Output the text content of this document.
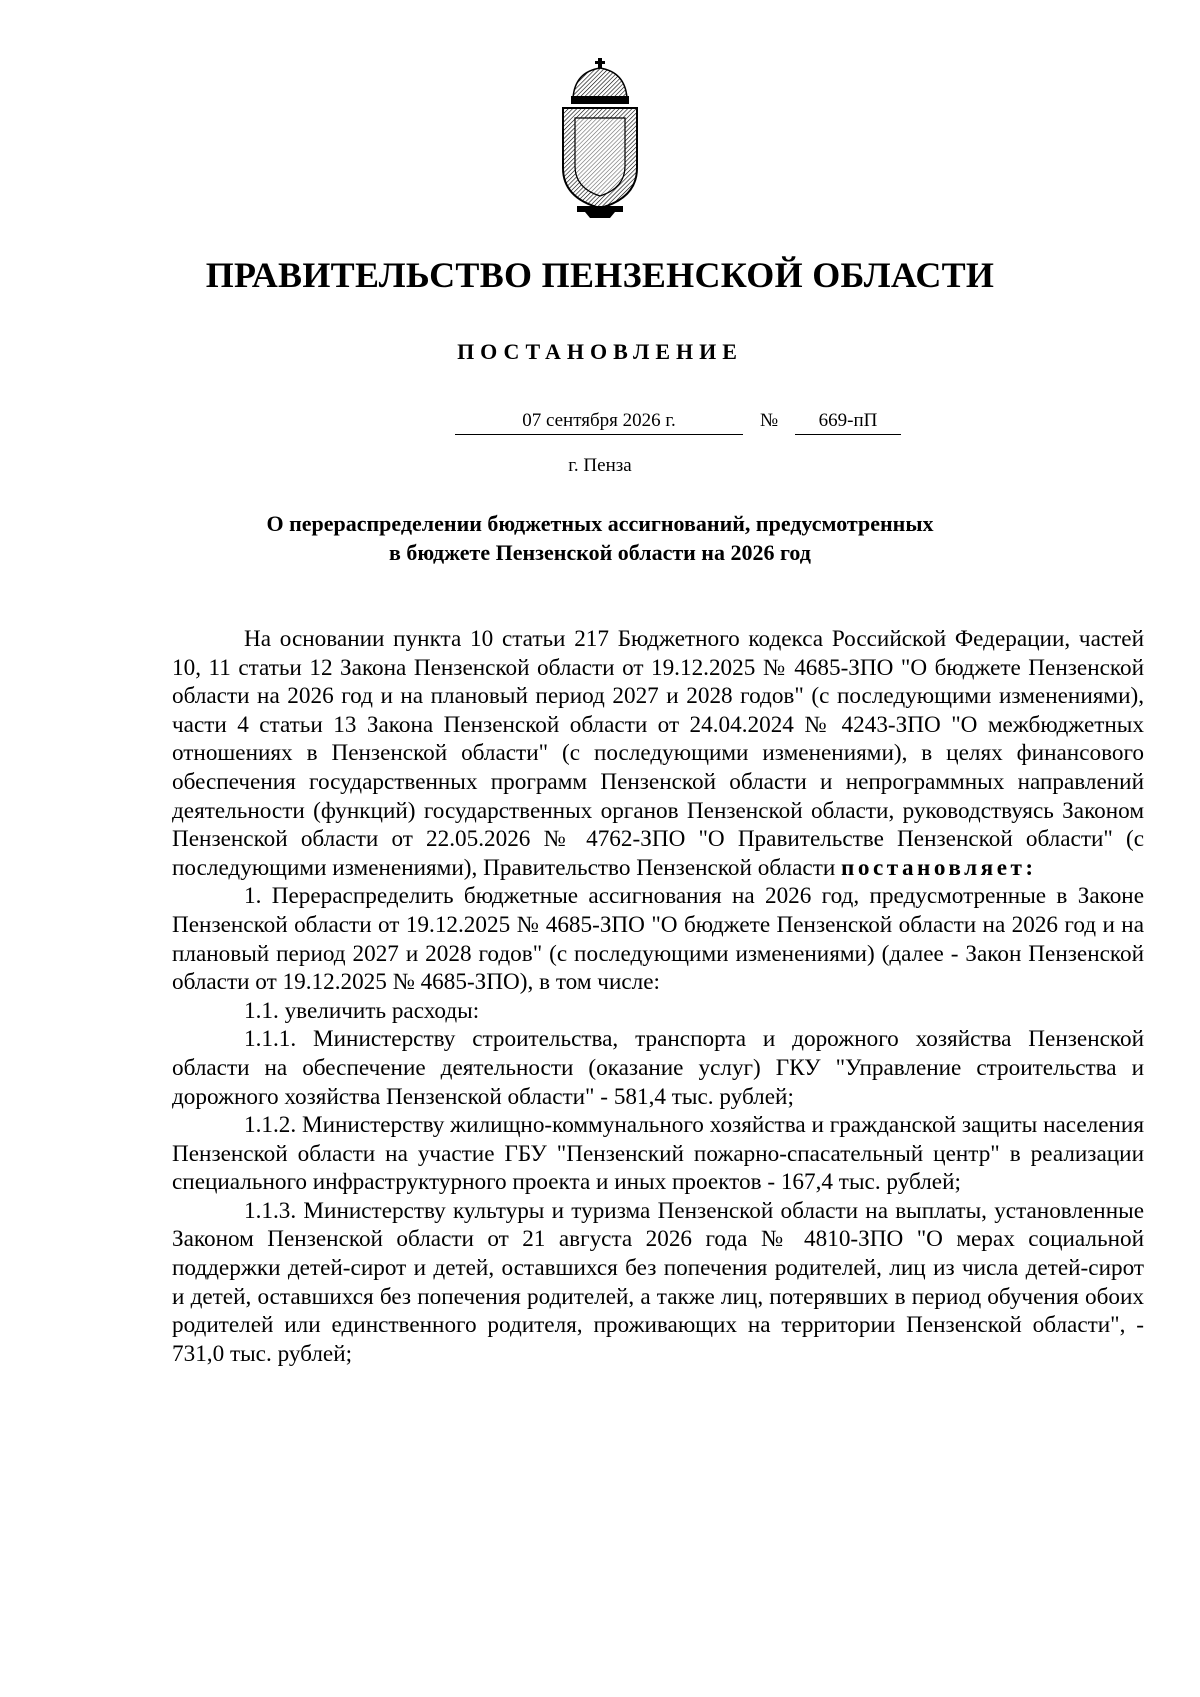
ПРАВИТЕЛЬСТВО ПЕНЗЕНСКОЙ ОБЛАСТИ
ПОСТАНОВЛЕНИЕ
07 сентября 2026 г.	№	669-пП
г. Пенза
О перераспределении бюджетных ассигнований, предусмотренных
в бюджете Пензенской области на 2026 год

На основании пункта 10 статьи 217 Бюджетного кодекса Российской Федерации, частей 10, 11 статьи 12 Закона Пензенской области от 19.12.2025 № 4685-ЗПО "О бюджете Пензенской области на 2026 год и на плановый период 2027 и 2028 годов" (с последующими изменениями), части 4 статьи 13 Закона Пензенской области от 24.04.2024 № 4243-ЗПО "О межбюджетных отношениях в Пензенской области" (с последующими изменениями), в целях финансового обеспечения государственных программ Пензенской области и непрограммных направлений деятельности (функций) государственных органов Пензенской области, руководствуясь Законом Пензенской области от 22.05.2026 № 4762-ЗПО "О Правительстве Пензенской области" (с последующими изменениями), Правительство Пензенской области постановляет:

1. Перераспределить бюджетные ассигнования на 2026 год, предусмотренные в Законе Пензенской области от 19.12.2025 № 4685-ЗПО "О бюджете Пензенской области на 2026 год и на плановый период 2027 и 2028 годов" (с последующими изменениями) (далее - Закон Пензенской области от 19.12.2025 № 4685-ЗПО), в том числе:

1.1. увеличить расходы:

1.1.1. Министерству строительства, транспорта и дорожного хозяйства Пензенской области на обеспечение деятельности (оказание услуг) ГКУ "Управление строительства и дорожного хозяйства Пензенской области" - 581,4 тыс. рублей;

1.1.2. Министерству жилищно-коммунального хозяйства и гражданской защиты населения Пензенской области на участие ГБУ "Пензенский пожарно-спасательный центр" в реализации специального инфраструктурного проекта и иных проектов - 167,4 тыс. рублей;

1.1.3. Министерству культуры и туризма Пензенской области на выплаты, установленные Законом Пензенской области от 21 августа 2026 года № 4810-ЗПО "О мерах социальной поддержки детей-сирот и детей, оставшихся без попечения родителей, лиц из числа детей-сирот и детей, оставшихся без попечения родителей, а также лиц, потерявших в период обучения обоих родителей или единственного родителя, проживающих на территории Пензенской области", - 731,0 тыс. рублей;
